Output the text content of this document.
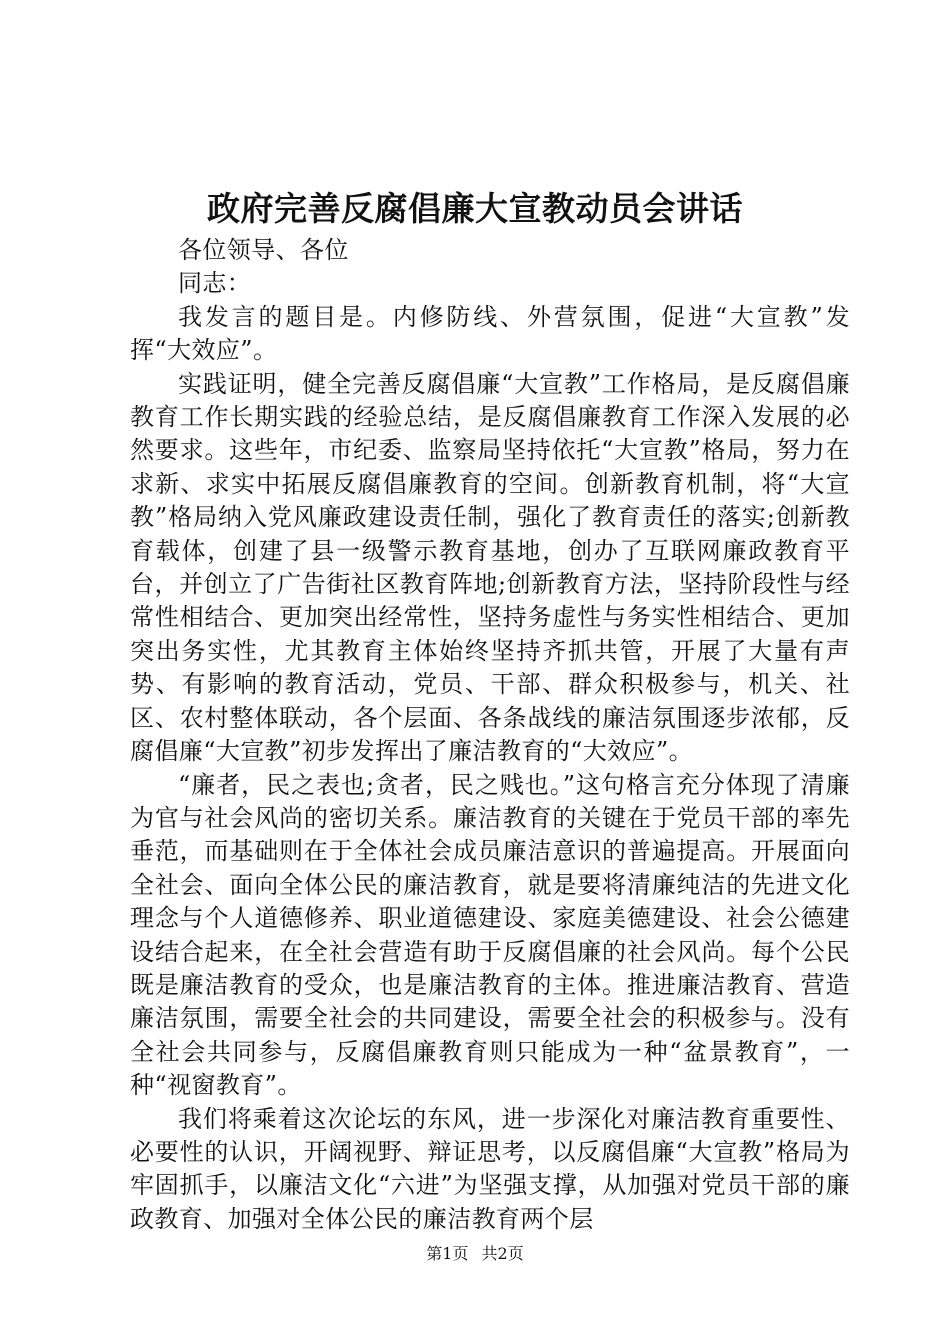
政府完善反腐倡廉大宣教动员会讲话

各位领导、各位

同志：

我发言的题目是。内修防线、外营氛围，促进“大宣教”发挥“大效应”。

实践证明，健全完善反腐倡廉“大宣教”工作格局，是反腐倡廉教育工作长期实践的经验总结，是反腐倡廉教育工作深入发展的必然要求。这些年，市纪委、监察局坚持依托“大宣教”格局，努力在求新、求实中拓展反腐倡廉教育的空间。创新教育机制，将“大宣教”格局纳入党风廉政建设责任制，强化了教育责任的落实;创新教育载体，创建了县一级警示教育基地，创办了互联网廉政教育平台，并创立了广告街社区教育阵地;创新教育方法，坚持阶段性与经常性相结合、更加突出经常性，坚持务虚性与务实性相结合、更加突出务实性，尤其教育主体始终坚持齐抓共管，开展了大量有声势、有影响的教育活动，党员、干部、群众积极参与，机关、社区、农村整体联动，各个层面、各条战线的廉洁氛围逐步浓郁，反腐倡廉“大宣教”初步发挥出了廉洁教育的“大效应”。

“廉者，民之表也;贪者，民之贱也。”这句格言充分体现了清廉为官与社会风尚的密切关系。廉洁教育的关键在于党员干部的率先垂范，而基础则在于全体社会成员廉洁意识的普遍提高。开展面向全社会、面向全体公民的廉洁教育，就是要将清廉纯洁的先进文化理念与个人道德修养、职业道德建设、家庭美德建设、社会公德建设结合起来，在全社会营造有助于反腐倡廉的社会风尚。每个公民既是廉洁教育的受众，也是廉洁教育的主体。推进廉洁教育、营造廉洁氛围，需要全社会的共同建设，需要全社会的积极参与。没有全社会共同参与，反腐倡廉教育则只能成为一种“盆景教育”，一种“视窗教育”。

我们将乘着这次论坛的东风，进一步深化对廉洁教育重要性、必要性的认识，开阔视野、辩证思考，以反腐倡廉“大宣教”格局为牢固抓手，以廉洁文化“六进”为坚强支撑，从加强对党员干部的廉政教育、加强对全体公民的廉洁教育两个层

第1页 共2页
